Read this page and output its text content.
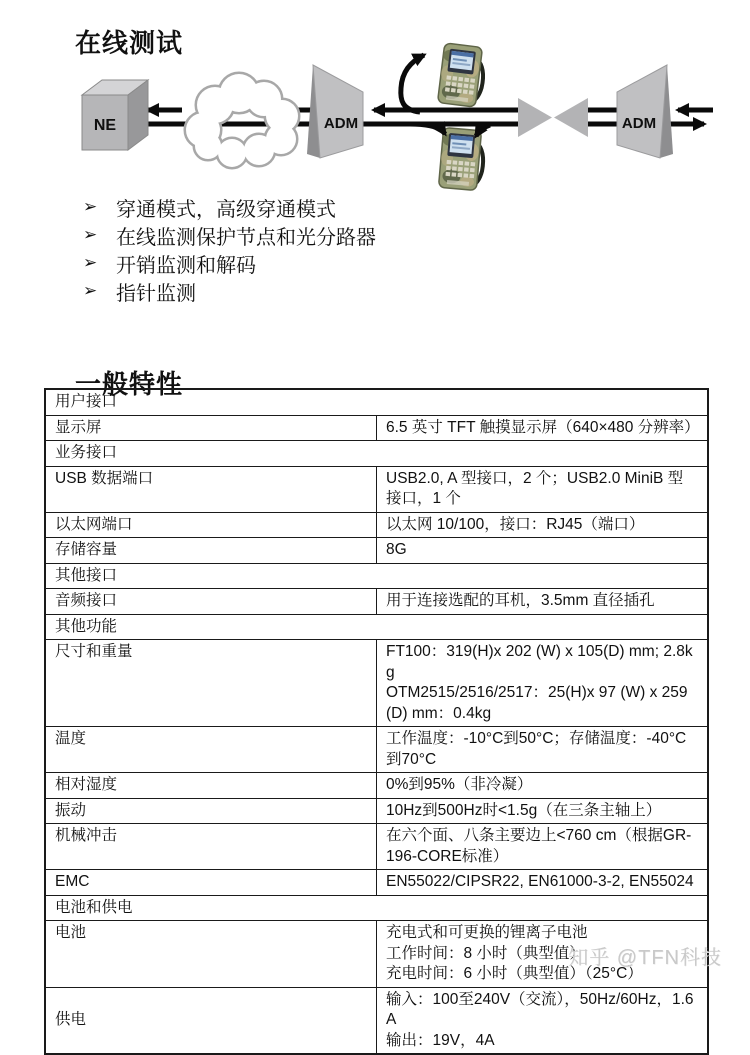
在线测试
NE	ADM	ADM
➢ 穿通模式，高级穿通模式
➢ 在线监测保护节点和光分路器
➢ 开销监测和解码
➢ 指针监测
一般特性
用户接口	
显示屏	6.5 英寸 TFT 触摸显示屏（640×480 分辨率）

业务接口	
USB 数据端口	USB2.0, A 型接口，2 个；USB2.0 MiniB 型接口，1 个

以太网端口	以太网 10/100，接口：RJ45（端口）

存储容量	8G

其他接口	
音频接口	用于连接选配的耳机，3.5mm 直径插孔

其他功能	
尺寸和重量	FT100：319(H)x 202 (W) x 105(D) mm; 2.8kg
OTM2515/2516/2517：25(H)x 97 (W) x 259(D) mm：0.4kg

温度	工作温度：-10°C到50°C；存储温度：-40°C到70°C

相对湿度	0%到95%（非冷凝）

振动	10Hz到500Hz时<1.5g（在三条主轴上）

机械冲击	在六个面、八条主要边上<760 cm（根据GR-196-CORE标准）

EMC	EN55022/CIPSR22, EN61000-3-2, EN55024

电池和供电	
电池	充电式和可更换的锂离子电池
工作时间：8 小时（典型值）
充电时间：6 小时（典型值）（25°C）

供电	输入：100至240V（交流），50Hz/60Hz，1.6A
输出：19V，4A
知乎 @TFN科技
